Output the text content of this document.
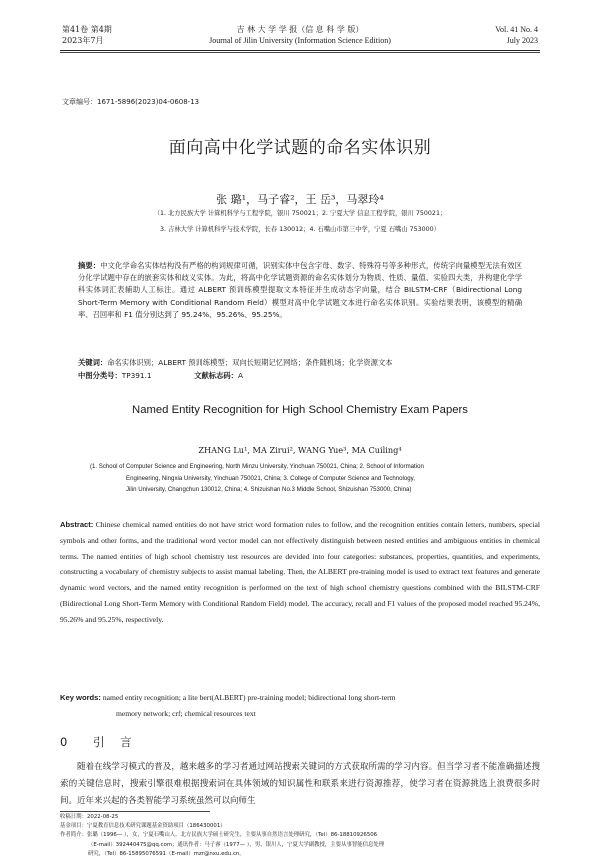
第41卷 第4期
2023年7月
吉 林 大 学 学 报（信 息 科 学 版）
Journal of Jilin University (Information Science Edition)
Vol. 41 No. 4
July 2023
文章编号：1671-5896(2023)04-0608-13
面向高中化学试题的命名实体识别
张 璐¹，马子睿²，王 岳³，马翠玲⁴
（1. 北方民族大学 计算机科学与工程学院，银川 750021；2. 宁夏大学 信息工程学院，银川 750021；
3. 吉林大学 计算机科学与技术学院，长春 130012；4. 石嘴山市第三中学，宁夏 石嘴山 753000）
摘要：中文化学命名实体结构没有严格的构词规律可循，识别实体中包含字母、数字、特殊符号等多种形式，传统字向量模型无法有效区分化学试题中存在的嵌套实体和歧义实体。为此，将高中化学试题资源的命名实体划分为物质、性质、量值、实验四大类，并构建化学学科实体词汇表辅助人工标注。通过 ALBERT 预训练模型提取文本特征并生成动态字向量，结合 BILSTM-CRF（Bidirectional Long Short-Term Memory with Conditional Random Field）模型对高中化学试题文本进行命名实体识别。实验结果表明，该模型的精确率、召回率和 F1 值分别达到了 95.24%、95.26%、95.25%。
关键词：命名实体识别；ALBERT 预训练模型；双向长短期记忆网络；条件随机场；化学资源文本
中图分类号：TP391.1	文献标志码：A
Named Entity Recognition for High School Chemistry Exam Papers
ZHANG Lu¹, MA Zirui², WANG Yue³, MA Cuiling⁴
(1. School of Computer Science and Engineering, North Minzu University, Yinchuan 750021, China; 2. School of Information
Engineering, Ningxia University, Yinchuan 750021, China; 3. College of Computer Science and Technology,
Jilin University, Changchun 130012, China; 4. Shizuishan No.3 Middle School, Shizuishan 753000, China)
Abstract: Chinese chemical named entities do not have strict word formation rules to follow, and the recognition entities contain letters, numbers, special symbols and other forms, and the traditional word vector model can not effectively distinguish between nested entities and ambiguous entities in chemical terms. The named entities of high school chemistry test resources are devided into four categories: substances, properties, quantities, and experiments, constructing a vocabulary of chemistry subjects to assist manual labeling. Then, the ALBERT pre-training model is used to extract text features and generate dynamic word vectors, and the named entity recognition is performed on the text of high school chemistry questions combined with the BILSTM-CRF (Bidirectional Long Short-Term Memory with Conditional Random Field) model. The accuracy, recall and F1 values of the proposed model reached 95.24%, 95.26% and 95.25%, respectively.
Key words: named entity recognition; a lite bert(ALBERT) pre-training model; bidirectional long short-term
memory network; crf; chemical resources text
0 引 言
随着在线学习模式的普及，越来越多的学习者通过网站搜索关键词的方式获取所需的学习内容。但当学习者不能准确描述搜索的关键信息时，搜索引擎很难根据搜索词在具体领域的知识属性和联系来进行资源推荐，使学习者在资源挑选上浪费很多时间。近年来兴起的各类智能学习系统虽然可以向师生
收稿日期：2022-08-25
基金项目：宁夏教育信息技术研究课题基金资助项目（186430001）
作者简介：张璐（1996— ），女，宁夏石嘴山人，北方民族大学硕士研究生，主要从事自然语言处理研究，（Tel）86-18810926506
（E-mail）392440475@qq.com；通讯作者：马子睿（1977— ），男，银川人，宁夏大学副教授，主要从事智能信息处理
研究，（Tel）86-15895076591（E-mail）mzr@nxu.edu.cn。
